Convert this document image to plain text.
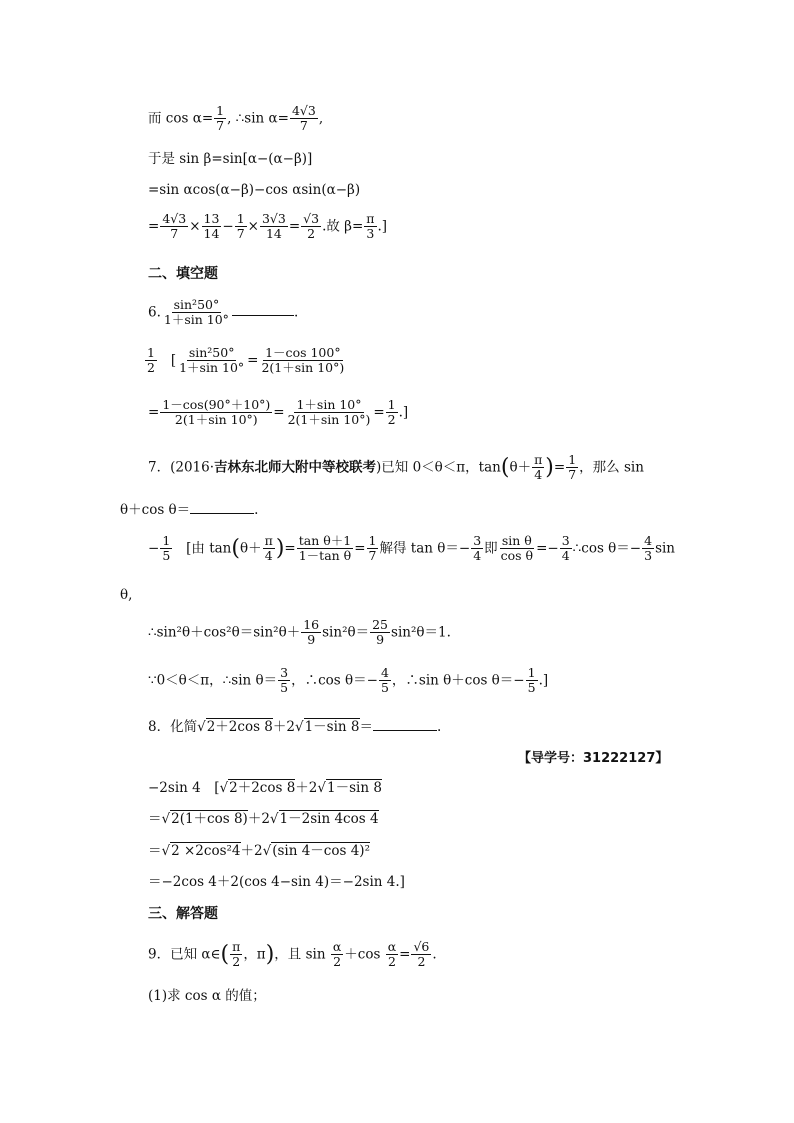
而 $\cos \alpha= \frac{1}{7}$ , ∴sin $\alpha= \frac{4√3}{7}$ ,
于是 sin β=sin[α−(α−β)]
=sin αcos(α−β)−cos αsin(α−β)
= $\frac{4√3}{7} \times \frac{13}{14} - \frac{1}{7} \times \frac{3√3}{14} = \frac{√3}{2}$ .故 $\beta= \frac{\pi}{3}$ .]
二、填空题
6. $\frac{\text{sin²50°}}{1+\sin 10^\circ}$	.
$\frac{1}{2}$ [ $\frac{\text{sin²50°}}{1+\sin 10^\circ} = \frac{1-\cos 100^\circ}{2(1+\sin 10^\circ)}$
= $\frac{1-\cos(90^\circ+10^\circ)}{2(1+\sin 10^\circ)} = \frac{1+\sin 10^\circ}{2(1+\sin 10^\circ)} = \frac{1}{2}$ .]
7．(2016·吉林东北师大附中等校联考)已知 0＜θ＜π，$\tan(\theta+ \frac{\pi}{4}$ )= $\frac{1}{7}$ ，那么 sin
θ＋cos θ＝	.
− $\frac{1}{5}$ [由 $\tan(\theta+ \frac{\pi}{4}$ )= $\frac{\text{tan θ＋1}}{\text{1－tan θ}} = \frac{1}{7}$ 解得 $\tan \theta=- \frac{3}{4}$ 即 $\frac{\text{sin θ}}{\text{cos θ}} =- \frac{3}{4}$ ∴cos $\theta=- \frac{4}{3}$ sin
θ,
∴sin²θ＋cos²θ＝sin²θ＋ $\frac{16}{9} \sin^2\theta= \frac{25}{9} \sin^2\theta=1$.
∵0＜θ＜π，∴sin $\theta= \frac{3}{5}$ ，∴cos $\theta=- \frac{4}{5}$ ，∴sin θ＋cos $\theta=- \frac{1}{5}$ .]
8．化简√2＋2cos 8＋2√1－sin 8＝	.
【导学号：31222127】
−2sin 4　[√2＋2cos 8＋2√1－sin 8
＝√2(1＋cos 8)＋2√1－2sin 4cos 4
＝√2 ×2cos²4＋2√(sin 4－cos 4)²
＝−2cos 4＋2(cos 4−sin 4)＝−2sin 4.]
三、解答题
9．已知 α∈( $\frac{\pi}{2}$ ，π)，且 $\sin \frac{\alpha}{2} +\cos \frac{\alpha}{2} = \frac{√6}{2}$ .
(1)求 cos α 的值；
